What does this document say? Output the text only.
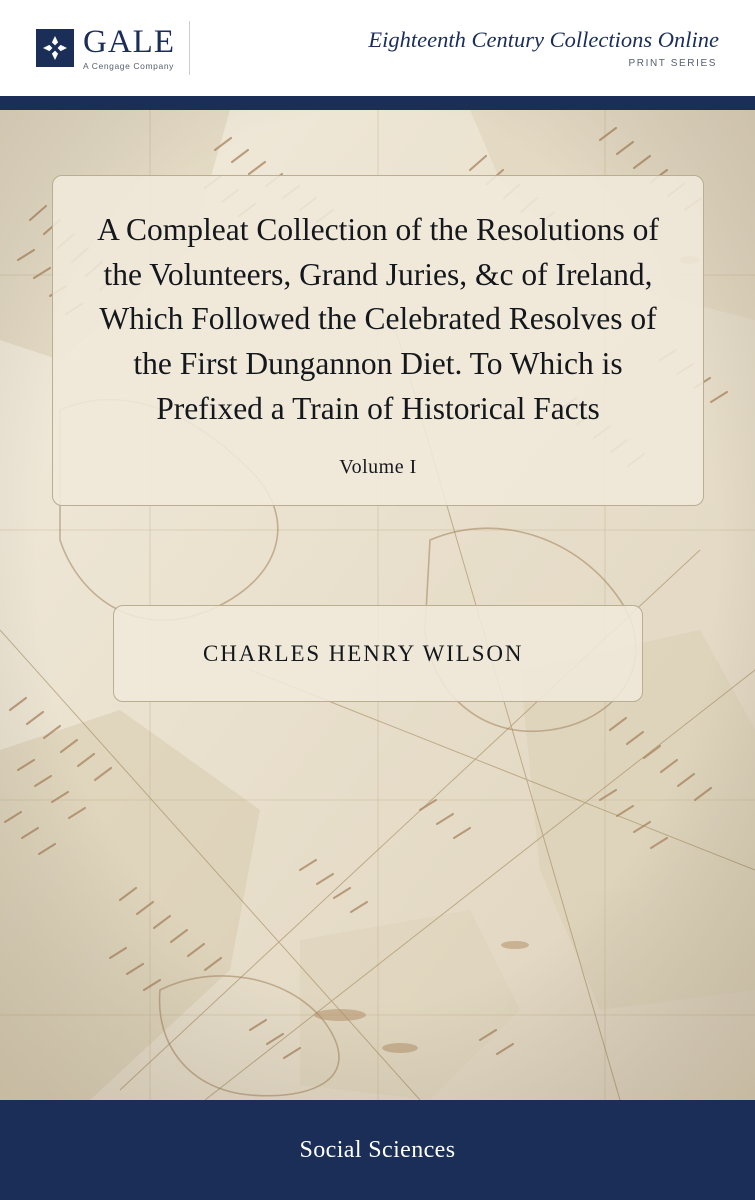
GALE
A Cengage Company
Eighteenth Century Collections Online
PRINT SERIES
A Compleat Collection of the Resolutions of the Volunteers, Grand Juries, &c of Ireland, Which Followed the Celebrated Resolves of the First Dungannon Diet. To Which is Prefixed a Train of Historical Facts
Volume I
CHARLES HENRY WILSON
Social Sciences
